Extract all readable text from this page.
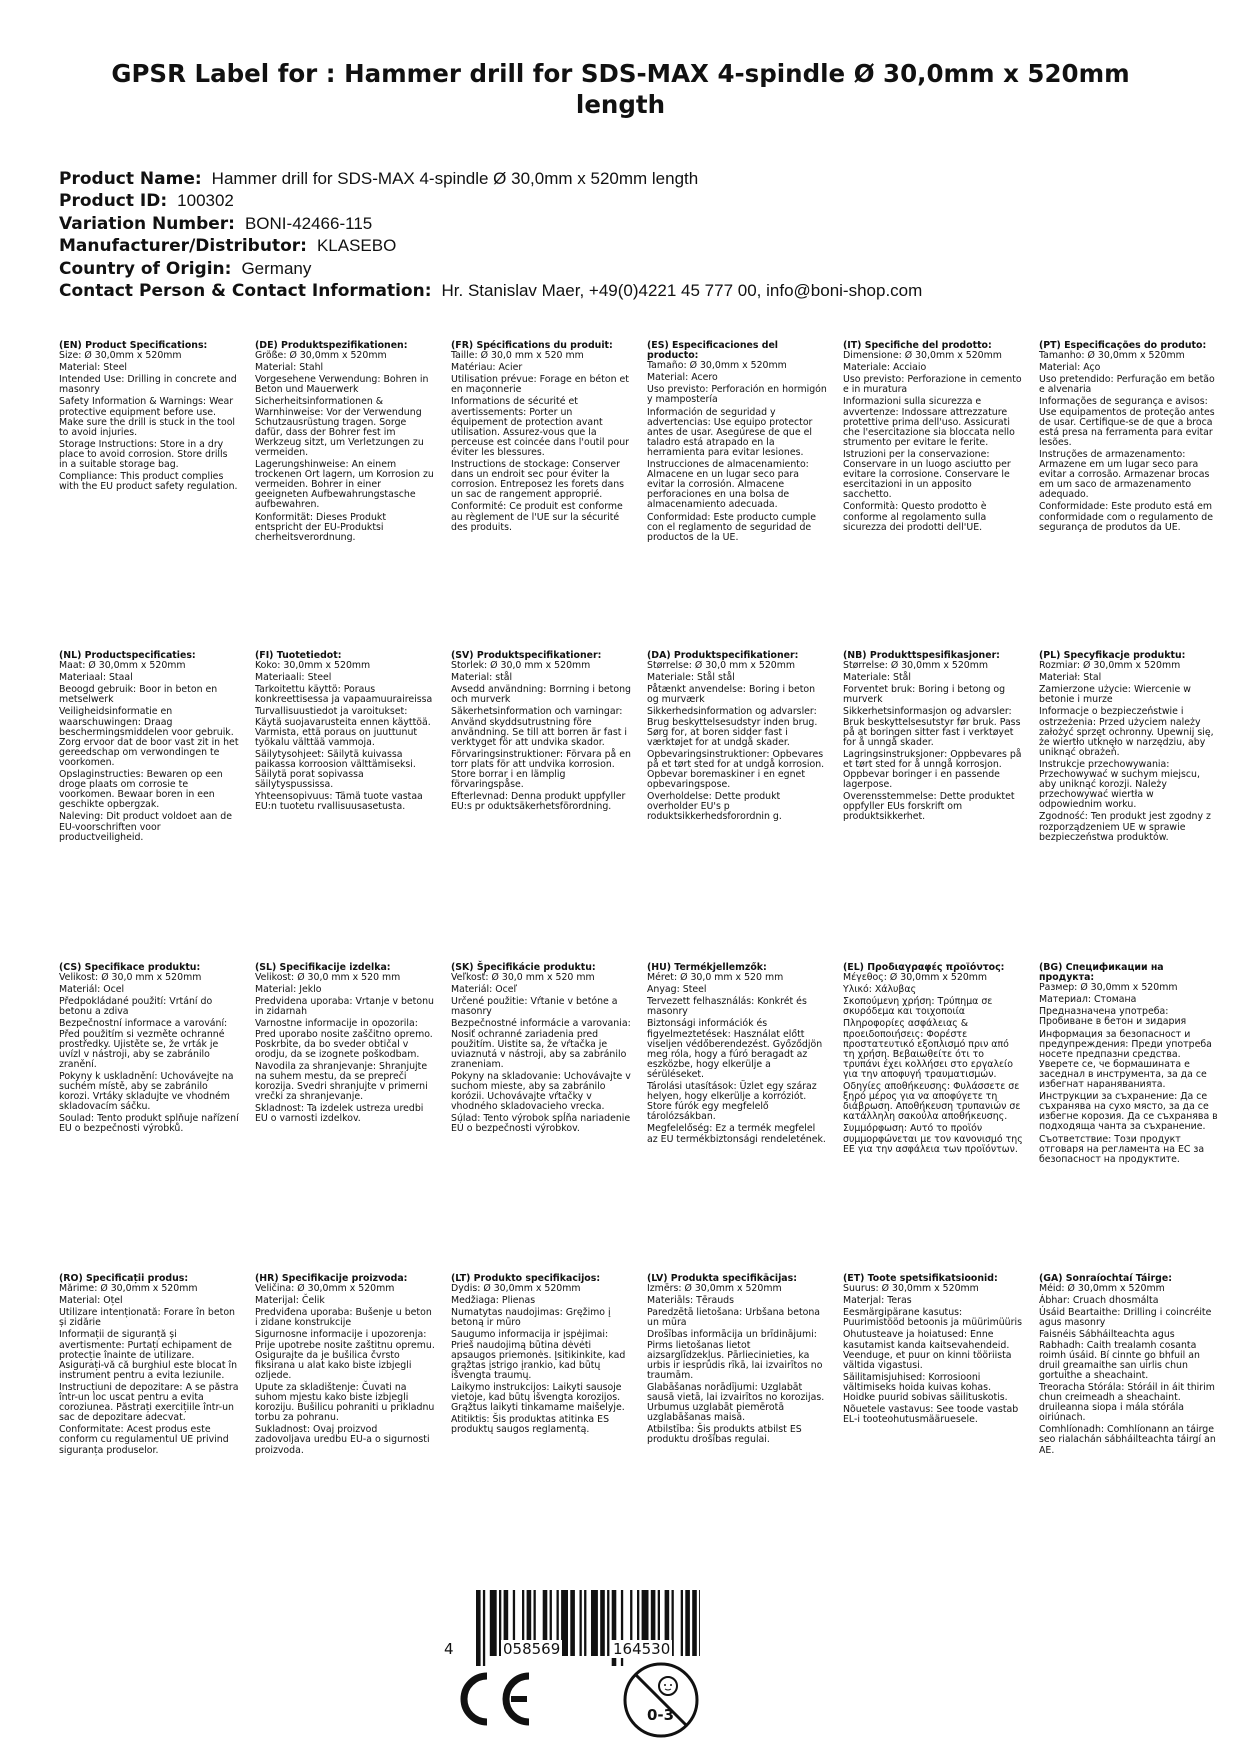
GPSR Label for : Hammer drill for SDS-MAX 4-spindle Ø 30,0mm x 520mm length
Product Name: Hammer drill for SDS-MAX 4-spindle Ø 30,0mm x 520mm length
Product ID: 100302
Variation Number: BONI-42466-115
Manufacturer/Distributor: KLASEBO
Country of Origin: Germany
Contact Person & Contact Information: Hr. Stanislav Maer, +49(0)4221 45 777 00, info@boni-shop.com
(EN) Product Specifications:
Size: Ø 30,0mm x 520mm
Material: Steel
Intended Use: Drilling in concrete and masonry
Safety Information & Warnings: Wear protective equipment before use. Make sure the drill is stuck in the tool to avoid injuries.
Storage Instructions: Store in a dry place to avoid corrosion. Store drills in a suitable storage bag.
Compliance: This product complies with the EU product safety regulation.
(DE) Produktspezifikationen:
Größe: Ø 30,0mm x 520mm
Material: Stahl
Vorgesehene Verwendung: Bohren in Beton und Mauerwerk
Sicherheitsinformationen & Warnhinweise: Vor der Verwendung Schutzausrüstung tragen. Sorge dafür, dass der Bohrer fest im Werkzeug sitzt, um Verletzungen zu vermeiden.
Lagerungshinweise: An einem trockenen Ort lagern, um Korrosion zu vermeiden. Bohrer in einer geeigneten Aufbewahrungstasche aufbewahren.
Konformität: Dieses Produkt entspricht der EU-Produktsi cherheitsverordnung.
(FR) Spécifications du produit:
Taille: Ø 30,0 mm x 520 mm
Matériau: Acier
Utilisation prévue: Forage en béton et en maçonnerie
Informations de sécurité et avertissements: Porter un équipement de protection avant utilisation. Assurez-vous que la perceuse est coincée dans l'outil pour éviter les blessures.
Instructions de stockage: Conserver dans un endroit sec pour éviter la corrosion. Entreposez les forets dans un sac de rangement approprié.
Conformité: Ce produit est conforme au règlement de l'UE sur la sécurité des produits.
(ES) Especificaciones del producto:
Tamaño: Ø 30,0mm x 520mm
Material: Acero
Uso previsto: Perforación en hormigón y mampostería
Información de seguridad y advertencias: Use equipo protector antes de usar. Asegúrese de que el taladro está atrapado en la herramienta para evitar lesiones.
Instrucciones de almacenamiento: Almacene en un lugar seco para evitar la corrosión. Almacene perforaciones en una bolsa de almacenamiento adecuada.
Conformidad: Este producto cumple con el reglamento de seguridad de productos de la UE.
(IT) Specifiche del prodotto:
Dimensione: Ø 30,0mm x 520mm
Materiale: Acciaio
Uso previsto: Perforazione in cemento e in muratura
Informazioni sulla sicurezza e avvertenze: Indossare attrezzature protettive prima dell'uso. Assicurati che l'esercitazione sia bloccata nello strumento per evitare le ferite.
Istruzioni per la conservazione: Conservare in un luogo asciutto per evitare la corrosione. Conservare le esercitazioni in un apposito sacchetto.
Conformità: Questo prodotto è conforme al regolamento sulla sicurezza dei prodotti dell'UE.
(PT) Especificações do produto:
Tamanho: Ø 30,0mm x 520mm
Material: Aço
Uso pretendido: Perfuração em betão e alvenaria
Informações de segurança e avisos: Use equipamentos de proteção antes de usar. Certifique-se de que a broca está presa na ferramenta para evitar lesões.
Instruções de armazenamento: Armazene em um lugar seco para evitar a corrosão. Armazenar brocas em um saco de armazenamento adequado.
Conformidade: Este produto está em conformidade com o regulamento de segurança de produtos da UE.
(NL) Productspecificaties:
Maat: Ø 30,0mm x 520mm
Materiaal: Staal
Beoogd gebruik: Boor in beton en metselwerk
Veiligheidsinformatie en waarschuwingen: Draag beschermingsmiddelen voor gebruik. Zorg ervoor dat de boor vast zit in het gereedschap om verwondingen te voorkomen.
Opslaginstructies: Bewaren op een droge plaats om corrosie te voorkomen. Bewaar boren in een geschikte opbergzak.
Naleving: Dit product voldoet aan de EU-voorschriften voor productveiligheid.
(FI) Tuotetiedot:
Koko: 30,0mm x 520mm
Materiaali: Steel
Tarkoitettu käyttö: Poraus konkreettisessa ja vapaamuuraireissa
Turvallisuustiedot ja varoitukset: Käytä suojavarusteita ennen käyttöä. Varmista, että poraus on juuttunut työkalu välttää vammoja.
Säilytysohjeet: Säilytä kuivassa paikassa korroosion välttämiseksi. Säilytä porat sopivassa säilytyspussissa.
Yhteensopivuus: Tämä tuote vastaa EU:n tuotetu rvallisuusasetusta.
(SV) Produktspecifikationer:
Storlek: Ø 30,0 mm x 520mm
Material: stål
Avsedd användning: Borrning i betong och murverk
Säkerhetsinformation och varningar: Använd skyddsutrustning före användning. Se till att borren är fast i verktyget för att undvika skador.
Förvaringsinstruktioner: Förvara på en torr plats för att undvika korrosion. Store borrar i en lämplig förvaringspåse.
Efterlevnad: Denna produkt uppfyller EU:s pr oduktsäkerhetsförordning.
(DA) Produktspecifikationer:
Størrelse: Ø 30,0 mm x 520mm
Materiale: Stål stål
Påtænkt anvendelse: Boring i beton og murværk
Sikkerhedsinformation og advarsler: Brug beskyttelsesudstyr inden brug. Sørg for, at boren sidder fast i værktøjet for at undgå skader.
Opbevaringsinstruktioner: Opbevares på et tørt sted for at undgå korrosion. Opbevar boremaskiner i en egnet opbevaringspose.
Overholdelse: Dette produkt overholder EU's p roduktsikkerhedsforordnin g.
(NB) Produkttspesifikasjoner:
Størrelse: Ø 30,0mm x 520mm
Materiale: Stål
Forventet bruk: Boring i betong og murverk
Sikkerhetsinformasjon og advarsler: Bruk beskyttelsesutstyr før bruk. Pass på at boringen sitter fast i verktøyet for å unngå skader.
Lagringsinstruksjoner: Oppbevares på et tørt sted for å unngå korrosjon. Oppbevar boringer i en passende lagerpose.
Overensstemmelse: Dette produktet oppfyller EUs forskrift om produktsikkerhet.
(PL) Specyfikacje produktu:
Rozmiar: Ø 30,0mm x 520mm
Materiał: Stal
Zamierzone użycie: Wiercenie w betonie i murze
Informacje o bezpieczeństwie i ostrzeżenia: Przed użyciem należy założyć sprzęt ochronny. Upewnij się, że wiertło utknęło w narzędziu, aby uniknąć obrażeń.
Instrukcje przechowywania: Przechowywać w suchym miejscu, aby uniknąć korozji. Należy przechowywać wiertła w odpowiednim worku.
Zgodność: Ten produkt jest zgodny z rozporządzeniem UE w sprawie bezpieczeństwa produktów.
(CS) Specifikace produktu:
Velikost: Ø 30,0 mm x 520mm
Materiál: Ocel
Předpokládané použití: Vrtání do betonu a zdiva
Bezpečnostní informace a varování: Před použitím si vezměte ochranné prostředky. Ujistěte se, že vrták je uvízl v nástroji, aby se zabránilo zranění.
Pokyny k uskladnění: Uchovávejte na suchém místě, aby se zabránilo korozi. Vrtáky skladujte ve vhodném skladovacím sáčku.
Soulad: Tento produkt splňuje nařízení EU o bezpečnosti výrobků.
(SL) Specifikacije izdelka:
Velikost: Ø 30,0 mm x 520 mm
Material: Jeklo
Predvidena uporaba: Vrtanje v betonu in zidarnah
Varnostne informacije in opozorila: Pred uporabo nosite zaščitno opremo. Poskrbite, da bo sveder obtičal v orodju, da se izognete poškodbam.
Navodila za shranjevanje: Shranjujte na suhem mestu, da se prepreči korozija. Svedri shranjujte v primerni vrečki za shranjevanje.
Skladnost: Ta izdelek ustreza uredbi EU o varnosti izdelkov.
(SK) Špecifikácie produktu:
Veľkosť: Ø 30,0 mm x 520 mm
Materiál: Oceľ
Určené použitie: Vŕtanie v betóne a masonry
Bezpečnostné informácie a varovania: Nosiť ochranné zariadenia pred použitím. Uistite sa, že vŕtačka je uviaznutá v nástroji, aby sa zabránilo zraneniam.
Pokyny na skladovanie: Uchovávajte v suchom mieste, aby sa zabránilo korózii. Uchovávajte vŕtačky v vhodného skladovacieho vrecka.
Súlad: Tento výrobok spĺňa nariadenie EÚ o bezpečnosti výrobkov.
(HU) Termékjellemzők:
Méret: Ø 30,0 mm x 520 mm
Anyag: Steel
Tervezett felhasználás: Konkrét és masonry
Biztonsági információk és figyelmeztetések: Használat előtt viseljen védőberendezést. Győződjön meg róla, hogy a fúró beragadt az eszközbe, hogy elkerülje a sérüléseket.
Tárolási utasítások: Üzlet egy száraz helyen, hogy elkerülje a korróziót. Store fúrók egy megfelelő tárolózsákban.
Megfelelőség: Ez a termék megfelel az EU termékbiztonsági rendeletének.
(EL) Προδιαγραφές προϊόντος:
Μέγεθος: Ø 30,0mm x 520mm
Υλικό: Χάλυβας
Σκοπούμενη χρήση: Τρύπημα σε σκυρόδεμα και τοιχοποιία
Πληροφορίες ασφάλειας & προειδοποιήσεις: Φορέστε προστατευτικό εξοπλισμό πριν από τη χρήση. Βεβαιωθείτε ότι το τρυπάνι έχει κολλήσει στο εργαλείο για την αποφυγή τραυματισμών.
Οδηγίες αποθήκευσης: Φυλάσσετε σε ξηρό μέρος για να αποφύγετε τη διάβρωση. Αποθήκευση τρυπανιών σε κατάλληλη σακούλα αποθήκευσης.
Συμμόρφωση: Αυτό το προϊόν συμμορφώνεται με τον κανονισμό της ΕΕ για την ασφάλεια των προϊόντων.
(BG) Спецификации на продукта:
Размер: Ø 30,0mm x 520mm
Материал: Стомана
Предназначена употреба: Пробиване в бетон и зидария
Информация за безопасност и предупреждения: Преди употреба носете предпазни средства. Уверете се, че бормашината е заседнал в инструмента, за да се избегнат нараняванията.
Инструкции за съхранение: Да се съхранява на сухо място, за да се избегне корозия. Да се съхранява в подходяща чанта за съхранение.
Съответствие: Този продукт отговаря на регламента на ЕС за безопасност на продуктите.
(RO) Specificații produs:
Mărime: Ø 30,0mm x 520mm
Material: Oțel
Utilizare intenționată: Forare în beton și zidărie
Informații de siguranță și avertismente: Purtați echipament de protecție înainte de utilizare. Asigurați-vă că burghiul este blocat în instrument pentru a evita leziunile.
Instrucțiuni de depozitare: A se păstra într-un loc uscat pentru a evita coroziunea. Păstrați exercițiile într-un sac de depozitare adecvat.
Conformitate: Acest produs este conform cu regulamentul UE privind siguranța produselor.
(HR) Specifikacije proizvoda:
Veličina: Ø 30,0mm x 520mm
Materijal: Čelik
Predviđena uporaba: Bušenje u beton i zidane konstrukcije
Sigurnosne informacije i upozorenja: Prije upotrebe nosite zaštitnu opremu. Osigurajte da je bušilica čvrsto fiksirana u alat kako biste izbjegli ozljede.
Upute za skladištenje: Čuvati na suhom mjestu kako biste izbjegli koroziju. Bušilicu pohraniti u prikladnu torbu za pohranu.
Sukladnost: Ovaj proizvod zadovoljava uredbu EU-a o sigurnosti proizvoda.
(LT) Produkto specifikacijos:
Dydis: Ø 30,0mm x 520mm
Medžiaga: Plienas
Numatytas naudojimas: Gręžimo į betoną ir mūro
Saugumo informacija ir įspėjimai: Prieš naudojimą būtina dėvėti apsaugos priemonės. Įsitikinkite, kad grąžtas įstrigo įrankio, kad būtų išvengta traumų.
Laikymo instrukcijos: Laikyti sausoje vietoje, kad būtų išvengta korozijos. Grąžtus laikyti tinkamame maišelyje.
Atitiktis: Šis produktas atitinka ES produktų saugos reglamentą.
(LV) Produkta specifikācijas:
Izmērs: Ø 30,0mm x 520mm
Materiāls: Tērauds
Paredzētā lietošana: Urbšana betona un mūra
Drošības informācija un brīdinājumi: Pirms lietošanas lietot aizsarglīdzekļus. Pārliecinieties, ka urbis ir iesprūdis rīkā, lai izvairītos no traumām.
Glabāšanas norādījumi: Uzglabāt sausā vietā, lai izvairītos no korozijas. Urbumus uzglabāt piemērotā uzglabāšanas maisā.
Atbilstība: Šis produkts atbilst ES produktu drošības regulai.
(ET) Toote spetsifikatsioonid:
Suurus: Ø 30,0mm x 520mm
Materjal: Teras
Eesmärgipärane kasutus: Puurimistööd betoonis ja müürimüüris
Ohutusteave ja hoiatused: Enne kasutamist kanda kaitsevahendeid. Veenduge, et puur on kinni tööriista vältida vigastusi.
Säilitamisjuhised: Korrosiooni vältimiseks hoida kuivas kohas. Hoidke puurid sobivas säilituskotis.
Nõuetele vastavus: See toode vastab EL-i tooteohutusmääruesele.
(GA) Sonraíochtaí Táirge:
Méid: Ø 30,0mm x 520mm
Ábhar: Cruach dhosmálta
Úsáid Beartaithe: Drilling i coincréite agus masonry
Faisnéis Sábháilteachta agus Rabhadh: Caith trealamh cosanta roimh úsáid. Bí cinnte go bhfuil an druil greamaithe san uirlis chun gortuithe a sheachaint.
Treoracha Stórála: Stóráil in áit thirim chun creimeadh a sheachaint. druileanna siopa i mála stórála oiriúnach.
Comhlíonadh: Comhlíonann an táirge seo rialachán sábháilteachta táirgí an AE.
4	058569	164530
0-3
